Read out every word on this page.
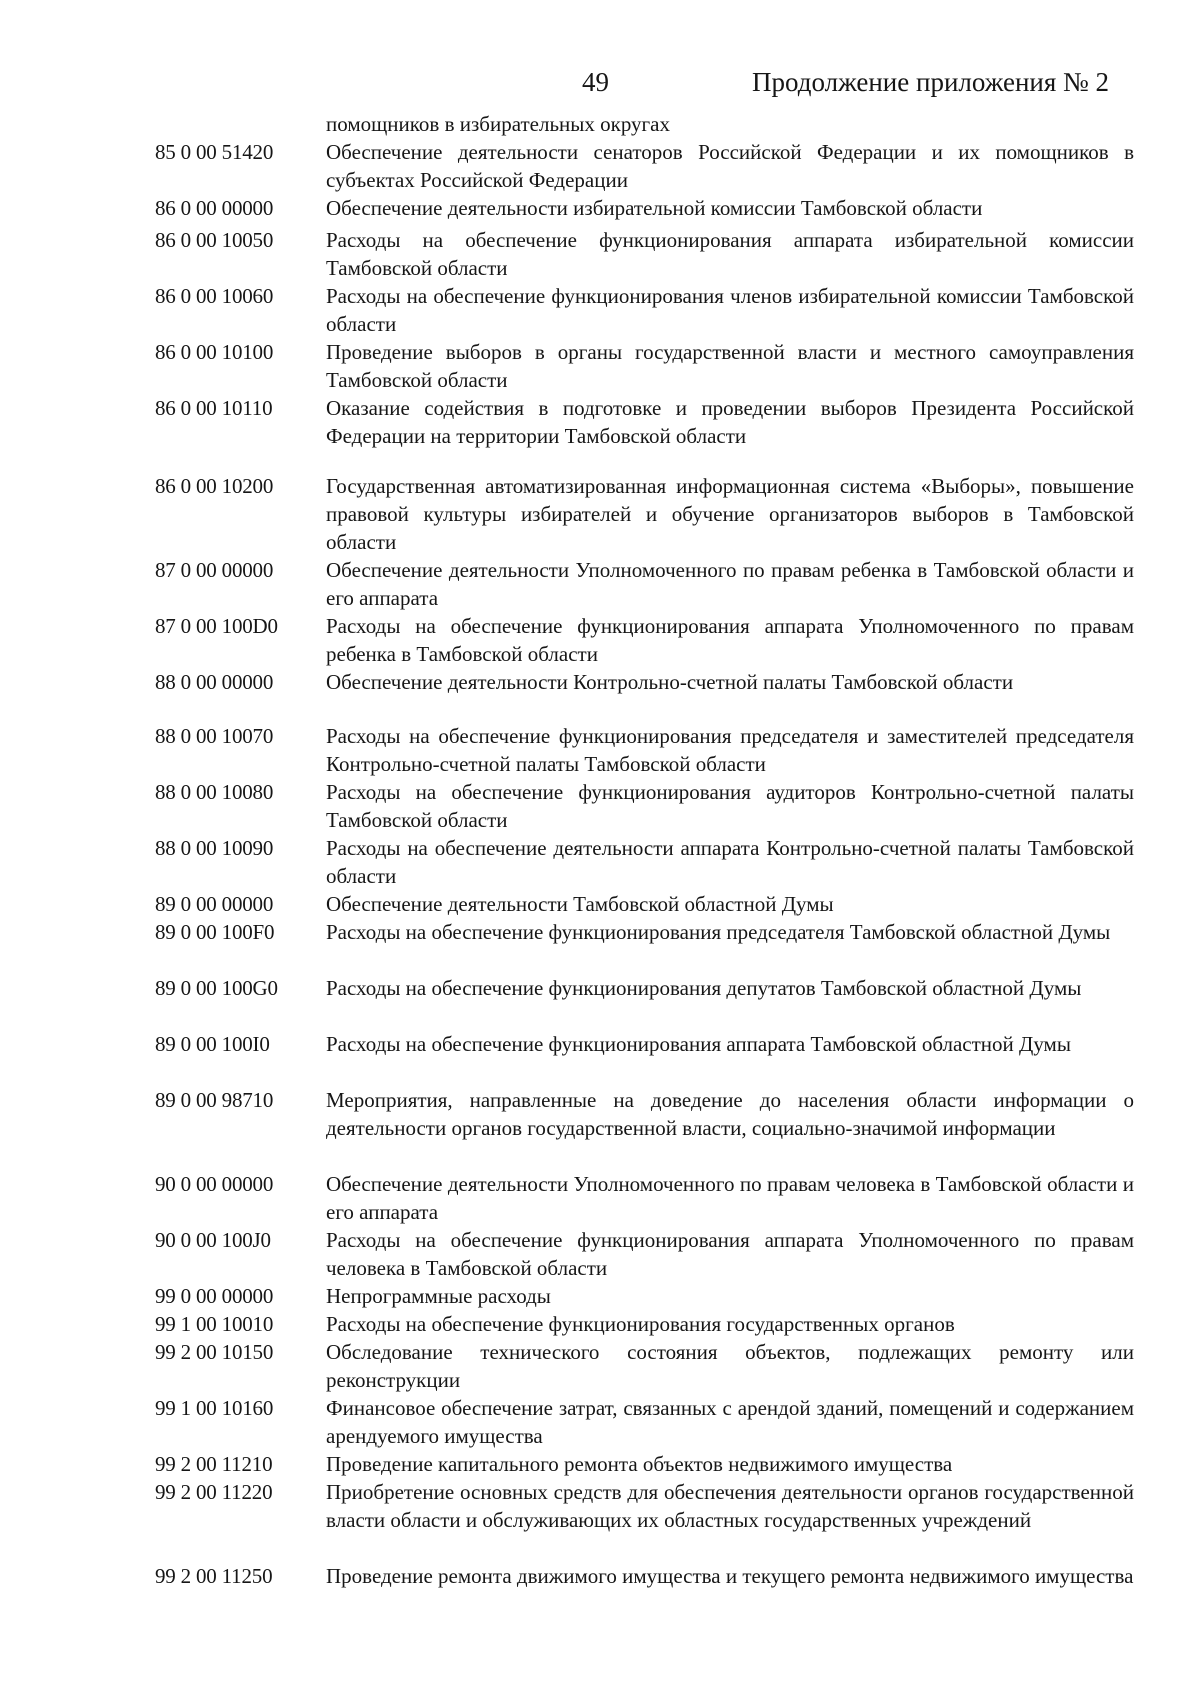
49	Продолжение приложения № 2
помощников в избирательных округах
85 0 00 51420	Обеспечение деятельности сенаторов Российской Федерации и их помощников в субъектах Российской Федерации
86 0 00 00000	Обеспечение деятельности избирательной комиссии Тамбовской области
86 0 00 10050	Расходы на обеспечение функционирования аппарата избирательной комиссии Тамбовской области
86 0 00 10060	Расходы на обеспечение функционирования членов избирательной комиссии Тамбовской области
86 0 00 10100	Проведение выборов в органы государственной власти и местного самоуправления Тамбовской области
86 0 00 10110	Оказание содействия в подготовке и проведении выборов Президента Российской Федерации на территории Тамбовской области
86 0 00 10200	Государственная автоматизированная информационная система «Выборы», повышение правовой культуры избирателей и обучение организаторов выборов в Тамбовской области
87 0 00 00000	Обеспечение деятельности Уполномоченного по правам ребенка в Тамбовской области и его аппарата
87 0 00 100D0 Расходы на обеспечение функционирования аппарата Уполномоченного по правам ребенка в Тамбовской области
88 0 00 00000	Обеспечение деятельности Контрольно-счетной палаты Тамбовской области
88 0 00 10070	Расходы на обеспечение функционирования председателя и заместителей председателя Контрольно-счетной палаты Тамбовской области
88 0 00 10080	Расходы на обеспечение функционирования аудиторов Контрольно-счетной палаты Тамбовской области
88 0 00 10090	Расходы на обеспечение деятельности аппарата Контрольно-счетной палаты Тамбовской области
89 0 00 00000	Обеспечение деятельности Тамбовской областной Думы
89 0 00 100F0 Расходы на обеспечение функционирования председателя Тамбовской областной Думы
89 0 00 100G0 Расходы на обеспечение функционирования депутатов Тамбовской областной Думы
89 0 00 100I0	Расходы на обеспечение функционирования аппарата Тамбовской областной Думы
89 0 00 98710	Мероприятия, направленные на доведение до населения области информации о деятельности органов государственной власти, социально-значимой информации
90 0 00 00000	Обеспечение деятельности Уполномоченного по правам человека в Тамбовской области и его аппарата
90 0 00 100J0	Расходы на обеспечение функционирования аппарата Уполномоченного по правам человека в Тамбовской области
99 0 00 00000	Непрограммные расходы
99 1 00 10010	Расходы на обеспечение функционирования государственных органов
99 2 00 10150	Обследование технического состояния объектов, подлежащих ремонту или реконструкции
99 1 00 10160	Финансовое обеспечение затрат, связанных с арендой зданий, помещений и содержанием арендуемого имущества
99 2 00 11210	Проведение капитального ремонта объектов недвижимого имущества
99 2 00 11220	Приобретение основных средств для обеспечения деятельности органов государственной власти области и обслуживающих их областных государственных учреждений
99 2 00 11250	Проведение ремонта движимого имущества и текущего ремонта недвижимого имущества
